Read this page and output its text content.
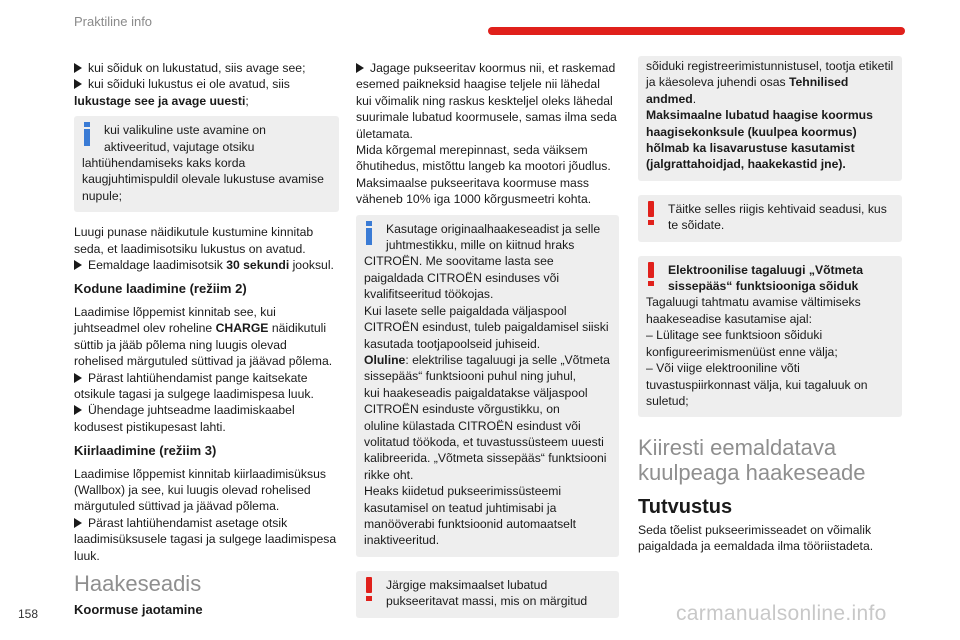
Praktiline info

kui sõiduk on lukustatud, siis avage see;
kui sõiduki lukustus ei ole avatud, siis
lukustage see ja avage uuesti;

kui valikuline uste avamine on
aktiveeritud, vajutage otsiku
lahtiühendamiseks kaks korda
kaugjuhtimispuldil olevale lukustuse avamise
nupule;

Luugi punase näidikutule kustumine kinnitab
seda, et laadimisotsiku lukustus on avatud.
Eemaldage laadimisotsik 30 sekundi jooksul.

Kodune laadimine (režiim 2)

Laadimise lõppemist kinnitab see, kui
juhtseadmel olev roheline CHARGE näidikutuli
süttib ja jääb põlema ning luugis olevad
rohelised märgutuled süttivad ja jäävad põlema.
Pärast lahtiühendamist pange kaitsekate
otsikule tagasi ja sulgege laadimispesa luuk.
Ühendage juhtseadme laadimiskaabel
kodusest pistikupesast lahti.

Kiirlaadimine (režiim 3)

Laadimise lõppemist kinnitab kiirlaadimisüksus
(Wallbox) ja see, kui luugis olevad rohelised
märgutuled süttivad ja jäävad põlema.
Pärast lahtiühendamist asetage otsik
laadimisüksusele tagasi ja sulgege laadimispesa
luuk.

Haakeseadis
Koormuse jaotamine

Jagage pukseeritav koormus nii, et raskemad
esemed paikneksid haagise teljele nii lähedal
kui võimalik ning raskus keskteljel oleks lähedal
suurimale lubatud koormusele, samas ilma seda
ületamata.
Mida kõrgemal merepinnast, seda väiksem
õhutihedus, mistõttu langeb ka mootori jõudlus.
Maksimaalse pukseeritava koormuse mass
väheneb 10% iga 1000 kõrgusmeetri kohta.

Kasutage originaalhaakeseadist ja selle
juhtmestikku, mille on kiitnud hraks
CITROËN. Me soovitame lasta see
paigaldada CITROËN esinduses või
kvalifitseeritud töökojas.
Kui lasete selle paigaldada väljaspool
CITROËN esindust, tuleb paigaldamisel siiski
kasutada tootjapoolseid juhiseid.
Oluline: elektrilise tagaluugi ja selle „Võtmeta
sissepääs“ funktsiooni puhul ning juhul,
kui haakeseadis paigaldatakse väljaspool
CITROËN esinduste võrgustikku, on
oluline külastada CITROËN esindust või
volitatud töökoda, et tuvastussüsteem uuesti
kalibreerida. „Võtmeta sissepääs“ funktsiooni
rikke oht.
Heaks kiidetud pukseerimissüsteemi
kasutamisel on teatud juhtimisabi ja
manööverabi funktsioonid automaatselt
inaktiveeritud.
Järgige maksimaalset lubatud
pukseeritavat massi, mis on märgitud
sõiduki registreerimistunnistusel, tootja etiketil
ja käesoleva juhendi osas Tehnilised
andmed.
Maksimaalne lubatud haagise koormus
haagisekonksule (kuulpea koormus)
hõlmab ka lisavarustuse kasutamist
(jalgrattahoidjad, haakekastid jne).
Täitke selles riigis kehtivaid seadusi, kus
te sõidate.
Elektroonilise tagaluugi „Võtmeta
sissepääs“ funktsiooniga sõiduk
Tagaluugi tahtmatu avamise vältimiseks
haakeseadise kasutamise ajal:
– Lülitage see funktsioon sõiduki
konfigureerimismenüüst enne välja;
– Või viige elektrooniline võti
tuvastuspiirkonnast välja, kui tagaluuk on
suletud;
Kiiresti eemaldatava
kuulpeaga haakeseade
Tutvustus

Seda tõelist pukseerimisseadet on võimalik
paigaldada ja eemaldada ilma tööriistadeta.

158	carmanualsonline.info
